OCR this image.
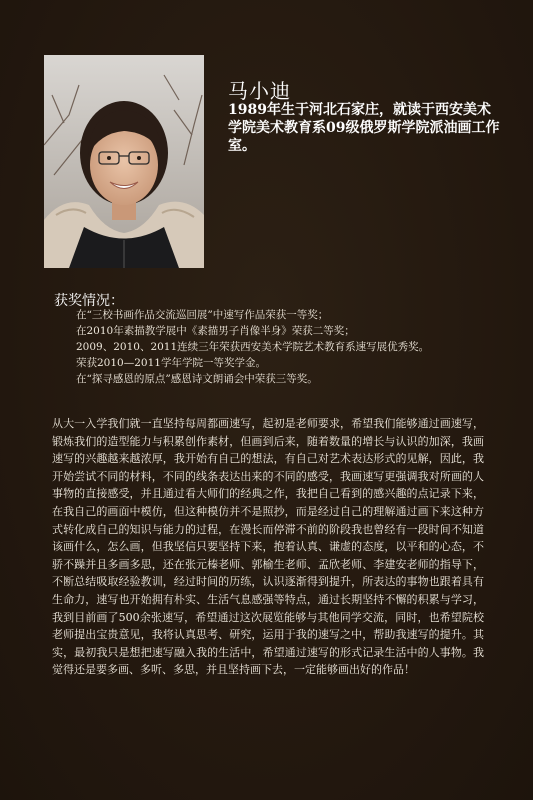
马小迪

1989年生于河北石家庄，就读于西安美术学院美术教育系09级俄罗斯学院派油画工作室。

获奖情况：
在“三校书画作品交流巡回展”中速写作品荣获一等奖；
在2010年素描教学展中《素描男子肖像半身》荣获二等奖；
2009、2010、2011连续三年荣获西安美术学院艺术教育系速写展优秀奖。
荣获2010—2011学年学院一等奖学金。
在“探寻感恩的原点”感恩诗文朗诵会中荣获三等奖。

从大一入学我们就一直坚持每周都画速写，起初是老师要求，希望我们能够通过画速写，锻炼我们的造型能力与积累创作素材，但画到后来，随着数量的增长与认识的加深，我画速写的兴趣越来越浓厚，我开始有自己的想法，有自己对艺术表达形式的见解，因此，我开始尝试不同的材料，不同的线条表达出来的不同的感受，我画速写更强调我对所画的人事物的直接感受，并且通过看大师们的经典之作，我把自己看到的感兴趣的点记录下来，在我自己的画面中模仿，但这种模仿并不是照抄，而是经过自己的理解通过画下来这种方式转化成自己的知识与能力的过程，在漫长而停滞不前的阶段我也曾经有一段时间不知道该画什么，怎么画，但我坚信只要坚持下来，抱着认真、谦虚的态度，以平和的心态，不骄不躁并且多画多思，还在张元榛老师、郭榆生老师、孟欣老师、李建安老师的指导下，不断总结吸取经验教训，经过时间的历练，认识逐渐得到提升，所表达的事物也跟着具有生命力，速写也开始拥有朴实、生活气息感强等特点，通过长期坚持不懈的积累与学习，我到目前画了500余张速写，希望通过这次展览能够与其他同学交流，同时，也希望院校老师提出宝贵意见，我将认真思考、研究，运用于我的速写之中，帮助我速写的提升。其实，最初我只是想把速写融入我的生活中，希望通过速写的形式记录生活中的人事物。我觉得还是要多画、多听、多思，并且坚持画下去，一定能够画出好的作品！
